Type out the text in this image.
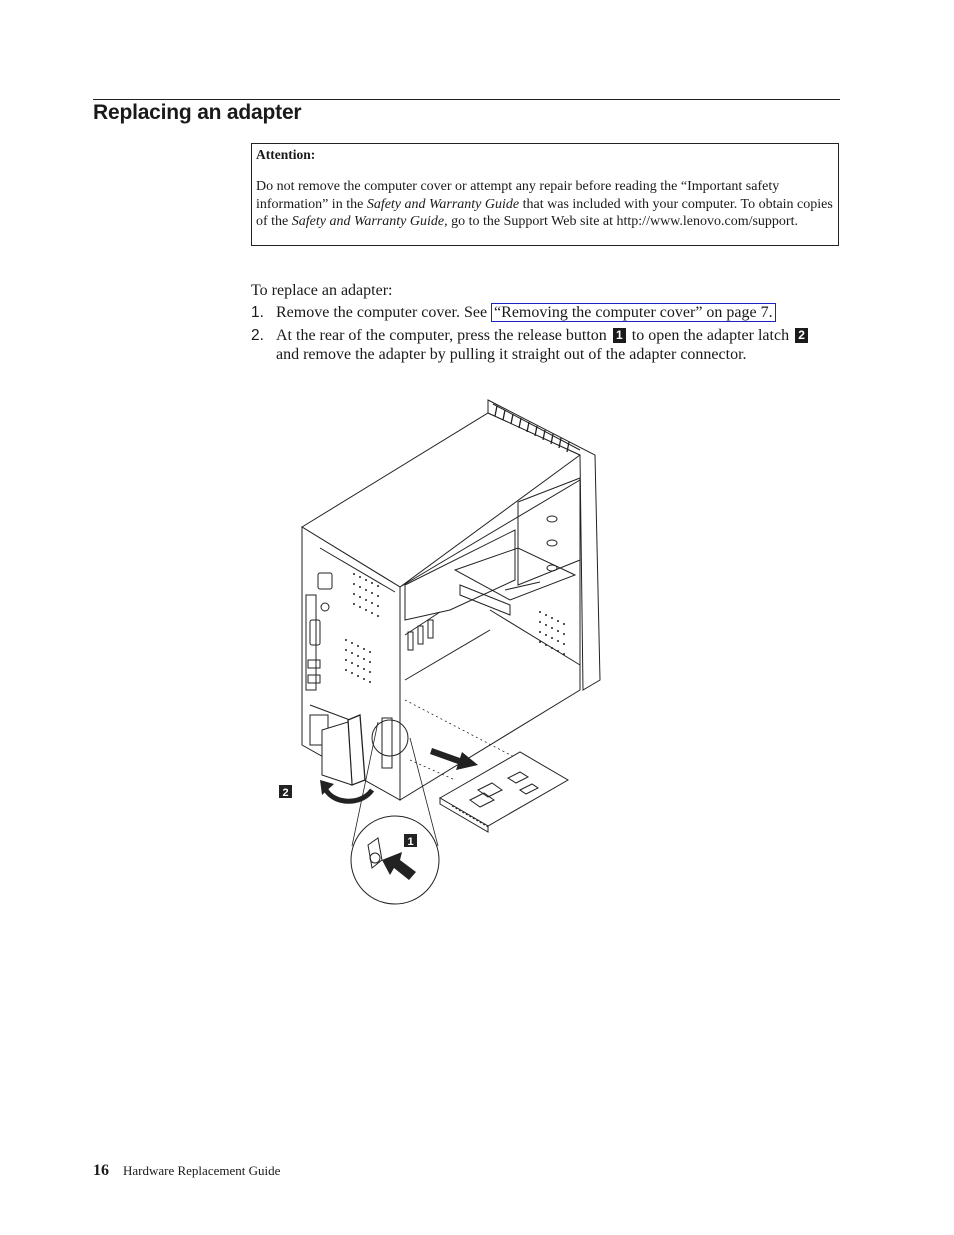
Replacing an adapter
Attention:
Do not remove the computer cover or attempt any repair before reading the “Important safety information” in the Safety and Warranty Guide that was included with your computer. To obtain copies of the Safety and Warranty Guide, go to the Support Web site at http://www.lenovo.com/support.
To replace an adapter:
1. Remove the computer cover. See “Removing the computer cover” on page 7.
2. At the rear of the computer, press the release button 1 to open the adapter latch 2 and remove the adapter by pulling it straight out of the adapter connector.
2
1
16 Hardware Replacement Guide
